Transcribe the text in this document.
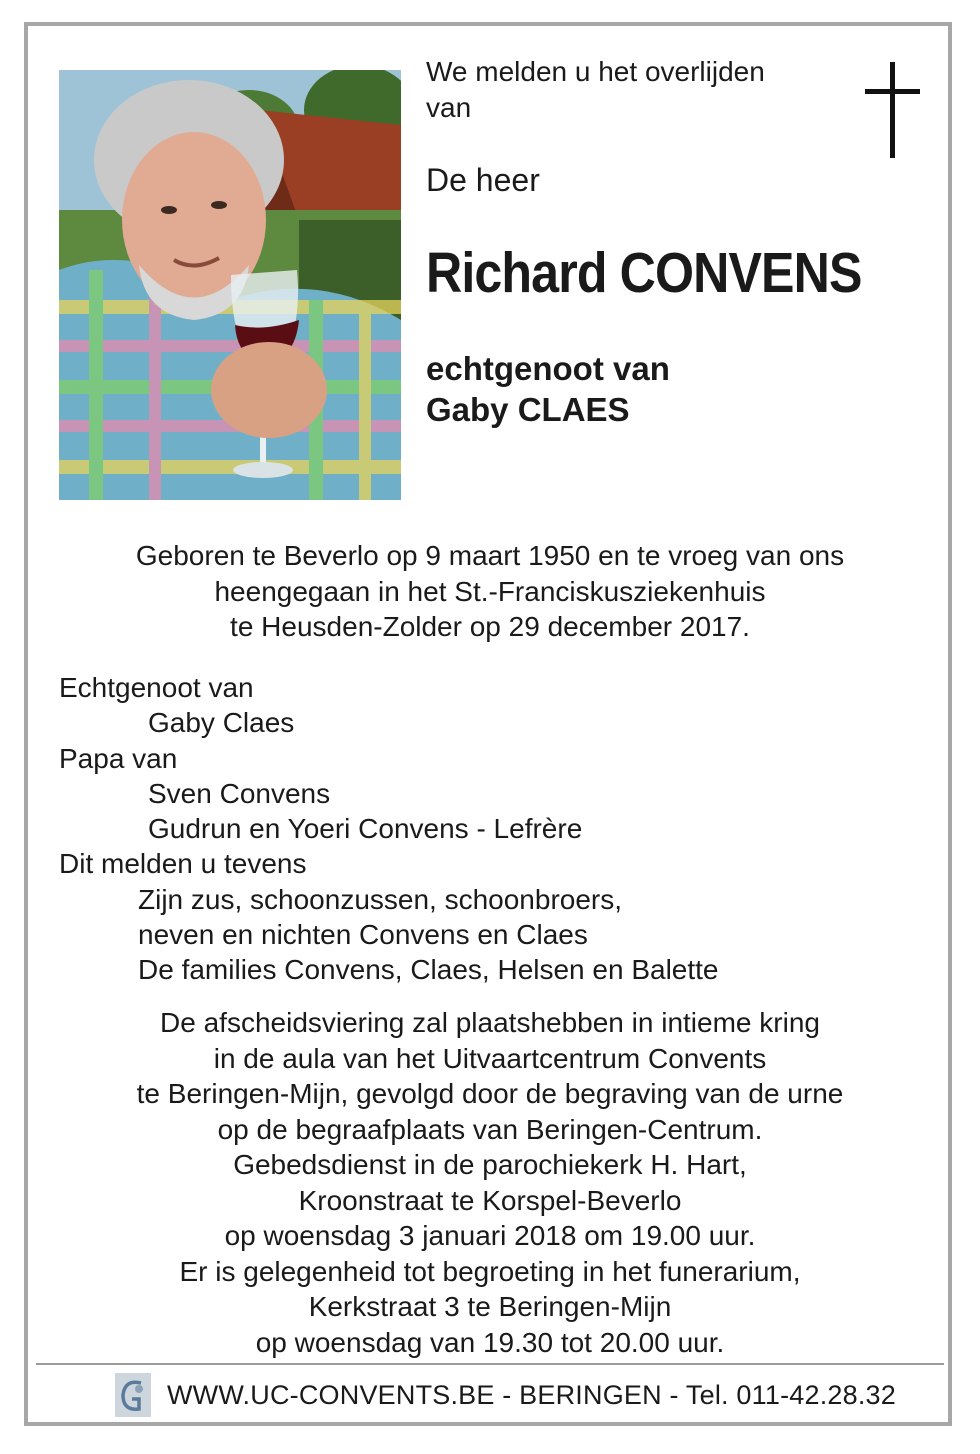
We melden u het overlijden
van
De heer
Richard CONVENS
echtgenoot van
Gaby CLAES
Geboren te Beverlo op 9 maart 1950 en te vroeg van ons
heengegaan in het St.-Franciskusziekenhuis
te Heusden-Zolder op 29 december 2017.
Echtgenoot van
Gaby Claes
Papa van
Sven Convens
Gudrun en Yoeri Convens - Lefrère
Dit melden u tevens
Zijn zus, schoonzussen, schoonbroers,
neven en nichten Convens en Claes
De families Convens, Claes, Helsen en Balette
De afscheidsviering zal plaatshebben in intieme kring
in de aula van het Uitvaartcentrum Convents
te Beringen-Mijn, gevolgd door de begraving van de urne
op de begraafplaats van Beringen-Centrum.
Gebedsdienst in de parochiekerk H. Hart,
Kroonstraat te Korspel-Beverlo
op woensdag 3 januari 2018 om 19.00 uur.
Er is gelegenheid tot begroeting in het funerarium,
Kerkstraat 3 te Beringen-Mijn
op woensdag van 19.30 tot 20.00 uur.
WWW.UC-CONVENTS.BE - BERINGEN - Tel. 011-42.28.32
